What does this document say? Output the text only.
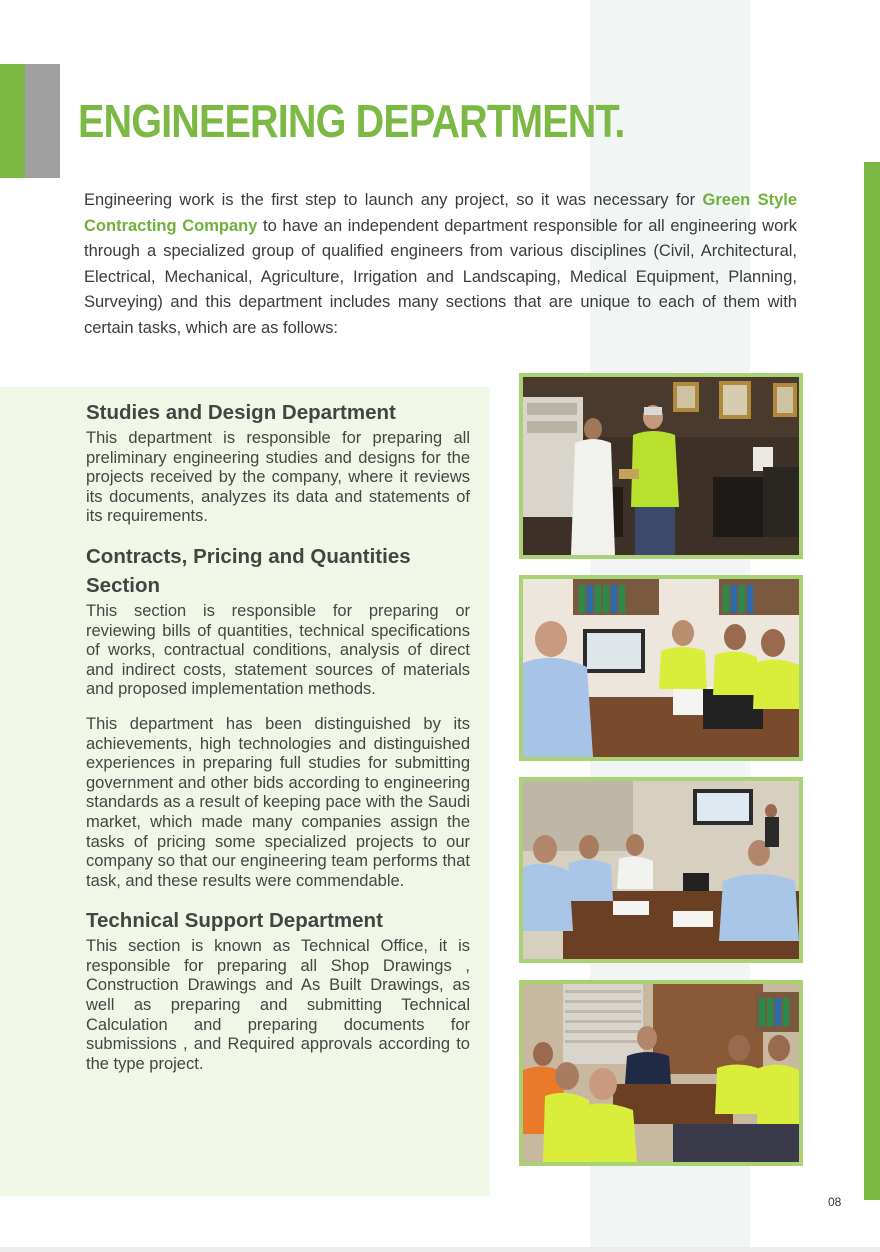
ENGINEERING DEPARTMENT.

Engineering work is the first step to launch any project, so it was necessary for Green Style Contracting Company to have an independent department responsible for all engineering work through a specialized group of qualified engineers from various disciplines (Civil, Architectural, Electrical, Mechanical, Agriculture, Irrigation and Landscaping, Medical Equipment, Planning, Surveying) and this department includes many sections that are unique to each of them with certain tasks, which are as follows:

Studies and Design Department

This department is responsible for preparing all preliminary engineering studies and designs for the projects received by the company, where it reviews its documents, analyzes its data and statements of its requirements.

Contracts, Pricing and Quantities Section

This section is responsible for preparing or reviewing bills of quantities, technical specifications of works, contractual conditions, analysis of direct and indirect costs, statement sources of materials and proposed implementation methods.

This department has been distinguished by its achievements, high technologies and distinguished experiences in preparing full studies for submitting government and other bids according to engineering standards as a result of keeping pace with the Saudi market, which made many companies assign the tasks of pricing some specialized projects to our company so that our engineering team performs that task, and these results were commendable.

Technical Support Department

This section is known as Technical Office, it is responsible for preparing all Shop Drawings , Construction Drawings and As Built Drawings, as well as preparing and submitting Technical Calculation and preparing documents for submissions , and Required approvals according to the type project.

08
